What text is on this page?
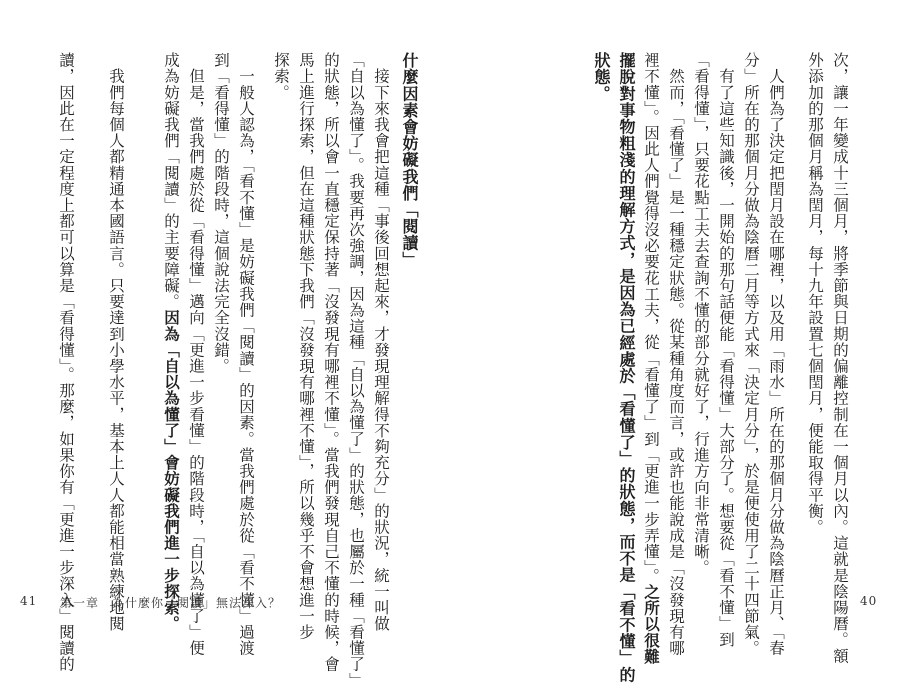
次，讓一年變成十三個月，將季節與日期的偏離控制在一個月以內。這就是陰陽曆。額
外添加的那個月稱為閏月，每十九年設置七個閏月，便能取得平衡。
　人們為了決定把閏月設在哪裡，以及用「雨水」所在的那個月分做為陰曆正月、「春
分」所在的那個月分做為陰曆二月等方式來「決定月分」，於是便使用了二十四節氣。
　有了這些知識後，一開始的那句話便能「看得懂」大部分了。想要從「看不懂」到
「看得懂」，只要花點工夫去查詢不懂的部分就好了，行進方向非常清晰。
　然而，「看懂了」是一種穩定狀態。從某種角度而言，或許也能說成是「沒發現有哪
裡不懂」。因此人們覺得沒必要花工夫，從「看懂了」到「更進一步弄懂」。之所以很難
擺脫對事物粗淺的理解方式，是因為已經處於「看懂了」的狀態，而不是「看不懂」的
狀態。
40
什麼因素會妨礙我們「閱讀」
　接下來我會把這種「事後回想起來，才發現理解得不夠充分」的狀況，統一叫做
「自以為懂了」。我要再次強調，因為這種「自以為懂了」的狀態，也屬於一種「看懂了」
的狀態，所以會一直穩定保持著「沒發現有哪裡不懂」。當我們發現自己不懂的時候，會
馬上進行探索，但在這種狀態下我們「沒發現有哪裡不懂」，所以幾乎不會想進一步
探索。
　一般人認為，「看不懂」是妨礙我們「閱讀」的因素。當我們處於從「看不懂」過渡
到「看得懂」的階段時，這個說法完全沒錯。
　但是，當我們處於從「看得懂」邁向「更進一步看懂」的階段時，「自以為懂了」便
成為妨礙我們「閱讀」的主要障礙。因為「自以為懂了」會妨礙我們進一步探索。
　我們每個人都精通本國語言。只要達到小學水平，基本上人人都能相當熟練地閱
讀，因此在一定程度上都可以算是「看得懂」。那麼，如果你有「更進一步深入」閱讀的
41 第一章　為什麼你「閱讀」無法深入？
